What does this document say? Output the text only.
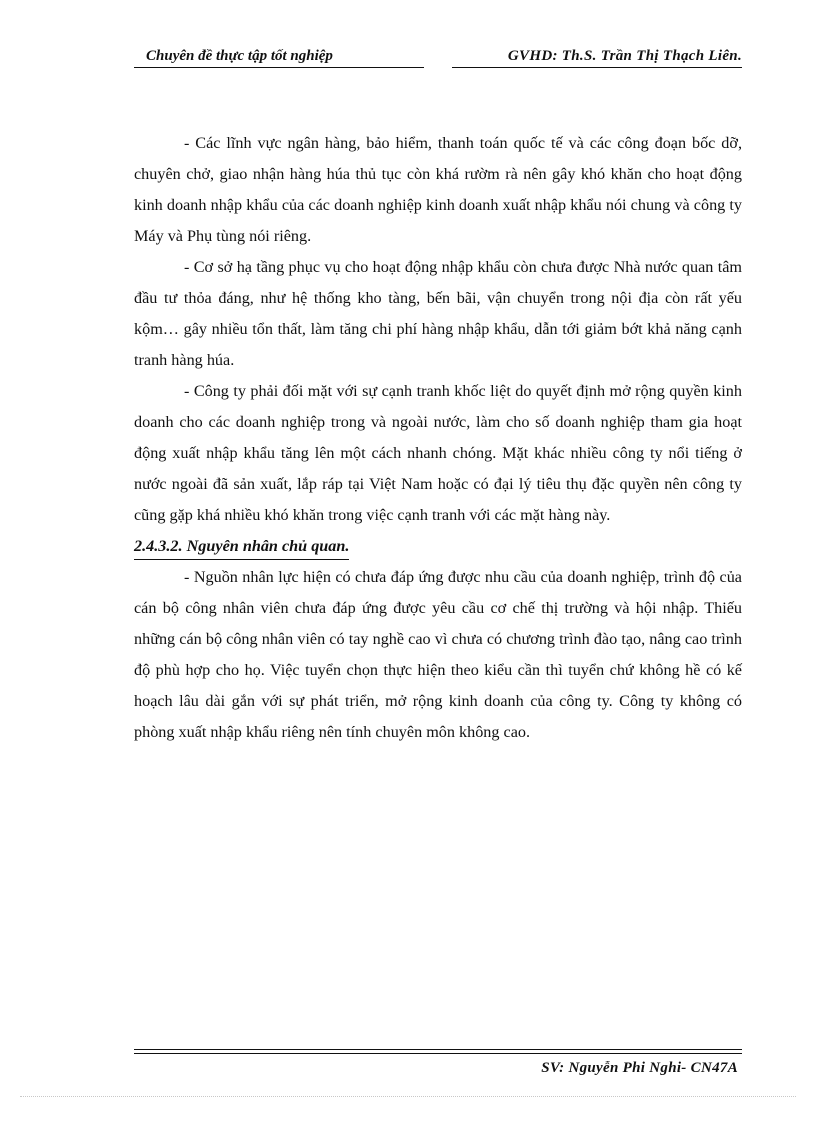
Chuyên đề thực tập tốt nghiệp	GVHD: Th.S. Trần Thị Thạch Liên.

- Các lĩnh vực ngân hàng, bảo hiểm, thanh toán quốc tế và các công đoạn bốc dỡ, chuyên chở, giao nhận hàng húa thủ tục còn khá rườm rà nên gây khó khăn cho hoạt động kinh doanh nhập khẩu của các doanh nghiệp kinh doanh xuất nhập khẩu nói chung và công ty Máy và Phụ tùng nói riêng.

- Cơ sở hạ tầng phục vụ cho hoạt động nhập khẩu còn chưa được Nhà nước quan tâm đầu tư thỏa đáng, như hệ thống kho tàng, bến bãi, vận chuyển trong nội địa còn rất yếu kộm… gây nhiều tổn thất, làm tăng chi phí hàng nhập khẩu, dẫn tới giảm bớt khả năng cạnh tranh hàng húa.

- Công ty phải đối mặt với sự cạnh tranh khốc liệt do quyết định mở rộng quyền kinh doanh cho các doanh nghiệp trong và ngoài nước, làm cho số doanh nghiệp tham gia hoạt động xuất nhập khẩu tăng lên một cách nhanh chóng. Mặt khác nhiều công ty nổi tiếng ở nước ngoài đã sản xuất, lắp ráp tại Việt Nam hoặc có đại lý tiêu thụ đặc quyền nên công ty cũng gặp khá nhiều khó khăn trong việc cạnh tranh với các mặt hàng này.

2.4.3.2. Nguyên nhân chủ quan.

- Nguồn nhân lực hiện có chưa đáp ứng được nhu cầu của doanh nghiệp, trình độ của cán bộ công nhân viên chưa đáp ứng được yêu cầu cơ chế thị trường và hội nhập. Thiếu những cán bộ công nhân viên có tay nghề cao vì chưa có chương trình đào tạo, nâng cao trình độ phù hợp cho họ. Việc tuyển chọn thực hiện theo kiểu cần thì tuyển chứ không hề có kế hoạch lâu dài gắn với sự phát triển, mở rộng kinh doanh của công ty. Công ty không có phòng xuất nhập khẩu riêng nên tính chuyên môn không cao.

SV: Nguyễn Phi Nghi- CN47A
